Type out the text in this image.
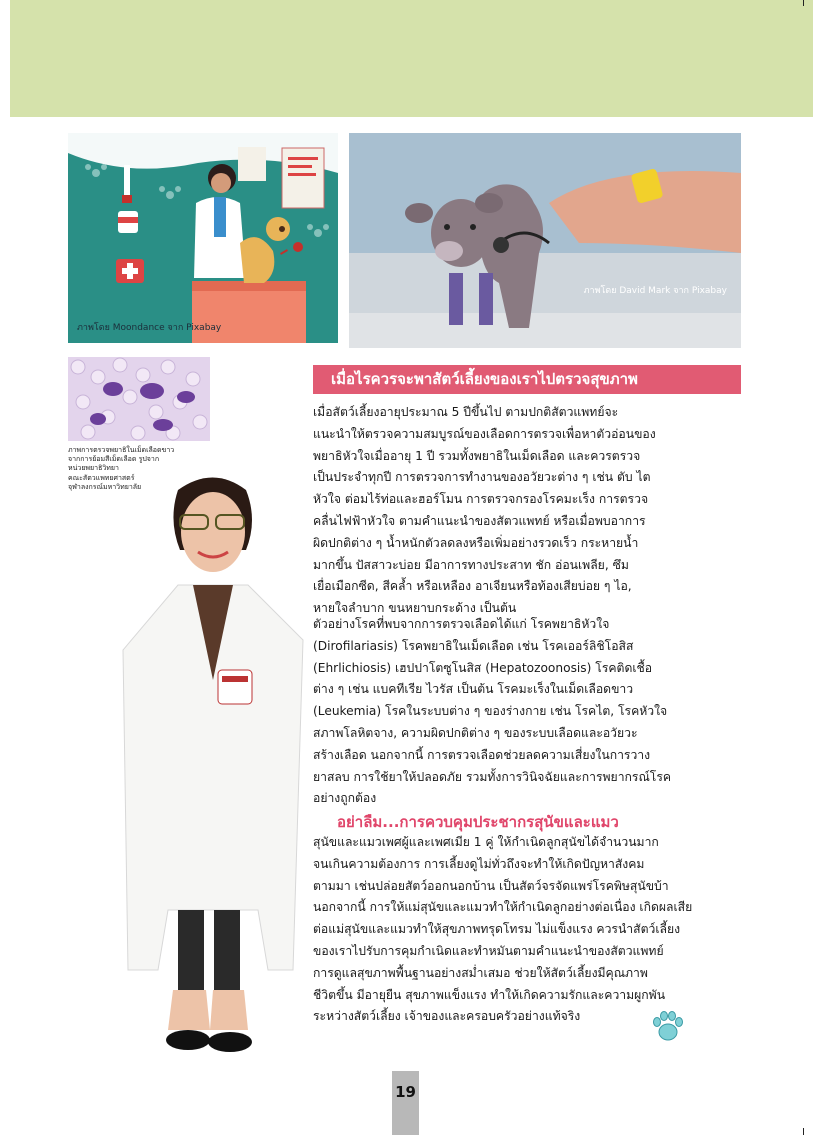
ภาพโดย Moondance จาก Pixabay
ภาพโดย David Mark จาก Pixabay
ภาพการตรวจพยาธิในเม็ดเลือดขาว
จากการย้อมสีเม็ดเลือด รูปจาก
หน่วยพยาธิวิทยา
คณะสัตวแพทยศาสตร์
จุฬาลงกรณ์มหาวิทยาลัย
เมื่อไรควรจะพาสัตว์เลี้ยงของเราไปตรวจสุขภาพ
เมื่อสัตว์เลี้ยงอายุประมาณ 5 ปีขึ้นไป ตามปกติสัตวแพทย์จะ
แนะนำให้ตรวจความสมบูรณ์ของเลือดการตรวจเพื่อหาตัวอ่อนของ
พยาธิหัวใจเมื่ออายุ 1 ปี รวมทั้งพยาธิในเม็ดเลือด และควรตรวจ
เป็นประจำทุกปี การตรวจการทำงานของอวัยวะต่าง ๆ เช่น ตับ ไต
หัวใจ ต่อมไร้ท่อและฮอร์โมน การตรวจกรองโรคมะเร็ง การตรวจ
คลื่นไฟฟ้าหัวใจ ตามคำแนะนำของสัตวแพทย์ หรือเมื่อพบอาการ
ผิดปกติต่าง ๆ น้ำหนักตัวลดลงหรือเพิ่มอย่างรวดเร็ว กระหายน้ำ
มากขึ้น ปัสสาวะบ่อย มีอาการทางประสาท ชัก อ่อนเพลีย, ซึม
เยื่อเมือกซีด, สีคล้ำ หรือเหลือง อาเจียนหรือท้องเสียบ่อย ๆ ไอ,
หายใจลำบาก ขนหยาบกระด้าง เป็นต้น
ตัวอย่างโรคที่พบจากการตรวจเลือดได้แก่ โรคพยาธิหัวใจ
(Dirofilariasis) โรคพยาธิในเม็ดเลือด เช่น โรคเออร์ลิชิโอสิส
(Ehrlichiosis) เฮปปาโตซูโนสิส (Hepatozoonosis) โรคติดเชื้อ
ต่าง ๆ เช่น แบคทีเรีย ไวรัส เป็นต้น โรคมะเร็งในเม็ดเลือดขาว
(Leukemia) โรคในระบบต่าง ๆ ของร่างกาย เช่น โรคไต, โรคหัวใจ
สภาพโลหิตจาง, ความผิดปกติต่าง ๆ ของระบบเลือดและอวัยวะ
สร้างเลือด นอกจากนี้ การตรวจเลือดช่วยลดความเสี่ยงในการวาง
ยาสลบ การใช้ยาให้ปลอดภัย รวมทั้งการวินิจฉัยและการพยากรณ์โรค
อย่างถูกต้อง
อย่าลืม...การควบคุมประชากรสุนัขและแมว
สุนัขและแมวเพศผู้และเพศเมีย 1 คู่ ให้กำเนิดลูกสุนัขได้จำนวนมาก
จนเกินความต้องการ การเลี้ยงดูไม่ทั่วถึงจะทำให้เกิดปัญหาสังคม
ตามมา เช่นปล่อยสัตว์ออกนอกบ้าน เป็นสัตว์จรจัดแพร่โรคพิษสุนัขบ้า
นอกจากนี้ การให้แม่สุนัขและแมวทำให้กำเนิดลูกอย่างต่อเนื่อง เกิดผลเสีย
ต่อแม่สุนัขและแมวทำให้สุขภาพทรุดโทรม ไม่แข็งแรง ควรนำสัตว์เลี้ยง
ของเราไปรับการคุมกำเนิดและทำหมันตามคำแนะนำของสัตวแพทย์
การดูแลสุขภาพพื้นฐานอย่างสม่ำเสมอ ช่วยให้สัตว์เลี้ยงมีคุณภาพ
ชีวิตขึ้น มีอายุยืน สุขภาพแข็งแรง ทำให้เกิดความรักและความผูกพัน
ระหว่างสัตว์เลี้ยง เจ้าของและครอบครัวอย่างแท้จริง
19
